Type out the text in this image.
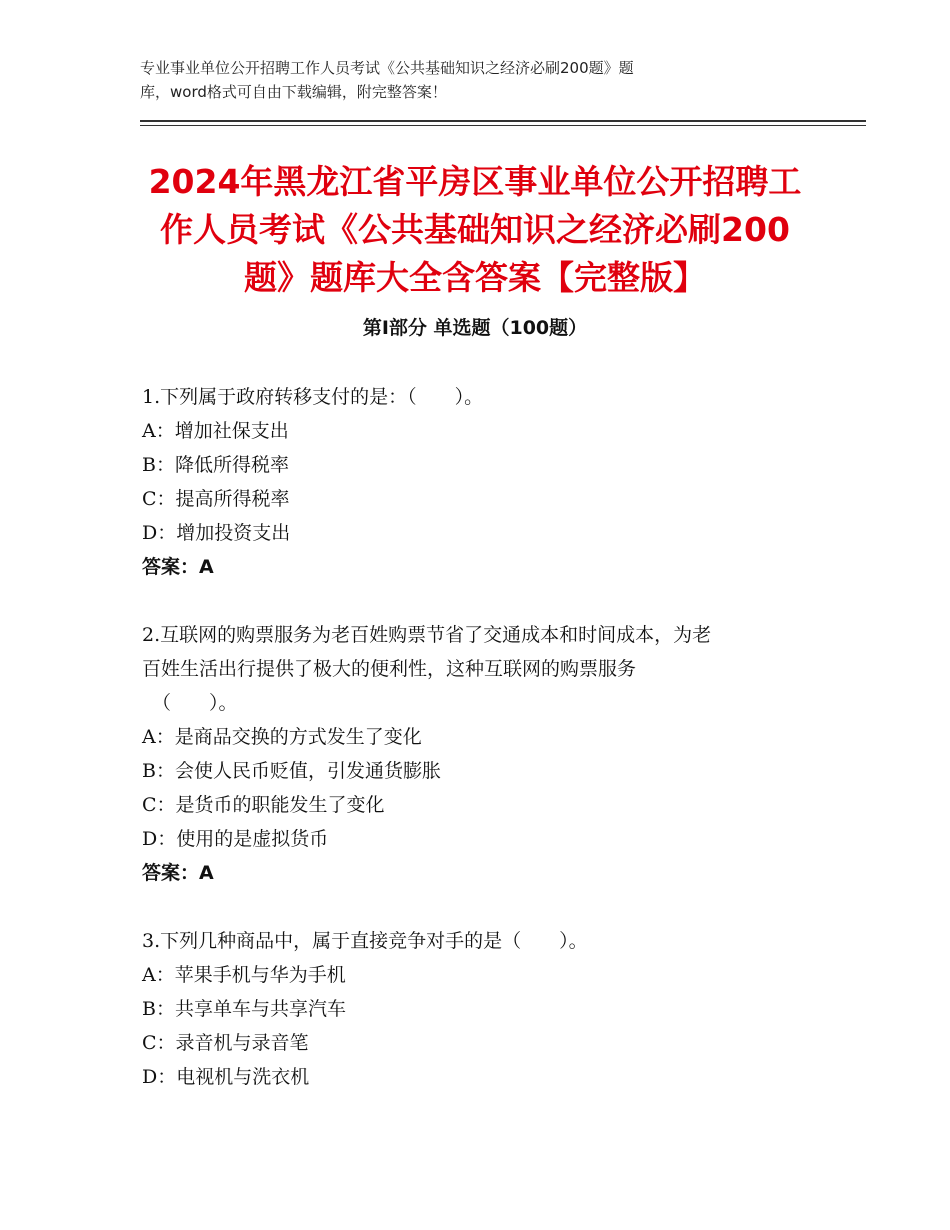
专业事业单位公开招聘工作人员考试《公共基础知识之经济必刷200题》题
库，word格式可自由下载编辑，附完整答案！
2024年黑龙江省平房区事业单位公开招聘工
作人员考试《公共基础知识之经济必刷200
题》题库大全含答案【完整版】
第Ⅰ部分 单选题（100题）
1.下列属于政府转移支付的是：（　　）。
A：增加社保支出
B：降低所得税率
C：提高所得税率
D：增加投资支出
答案：A
2.互联网的购票服务为老百姓购票节省了交通成本和时间成本，为老
百姓生活出行提供了极大的便利性，这种互联网的购票服务
（　　）。
A：是商品交换的方式发生了变化
B：会使人民币贬值，引发通货膨胀
C：是货币的职能发生了变化
D：使用的是虚拟货币
答案：A
3.下列几种商品中，属于直接竞争对手的是（　　）。
A：苹果手机与华为手机
B：共享单车与共享汽车
C：录音机与录音笔
D：电视机与洗衣机
